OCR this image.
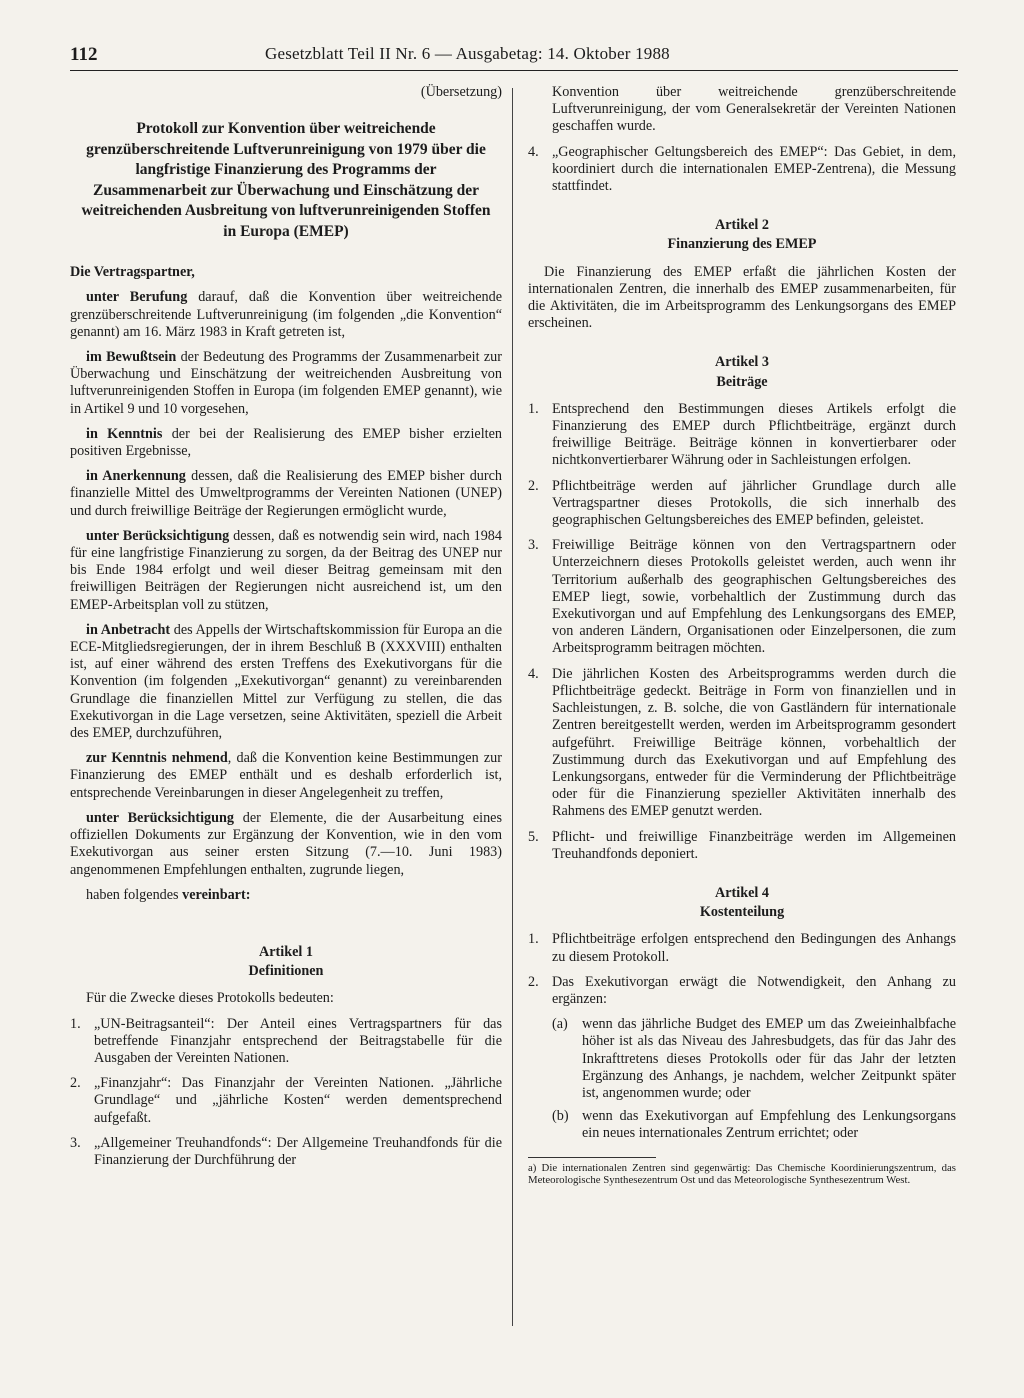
112	Gesetzblatt Teil II Nr. 6 — Ausgabetag: 14. Oktober 1988

(Übersetzung)

Protokoll zur Konvention über weitreichende grenzüberschreitende Luftverunreinigung von 1979 über die langfristige Finanzierung des Programms der Zusammenarbeit zur Überwachung und Einschätzung der weitreichenden Ausbreitung von luftverunreinigenden Stoffen in Europa (EMEP)

Die Vertragspartner,

unter Berufung darauf, daß die Konvention über weitreichende grenzüberschreitende Luftverunreinigung (im folgenden „die Konvention“ genannt) am 16. März 1983 in Kraft getreten ist,

im Bewußtsein der Bedeutung des Programms der Zusammenarbeit zur Überwachung und Einschätzung der weitreichenden Ausbreitung von luftverunreinigenden Stoffen in Europa (im folgenden EMEP genannt), wie in Artikel 9 und 10 vorgesehen,

in Kenntnis der bei der Realisierung des EMEP bisher erzielten positiven Ergebnisse,

in Anerkennung dessen, daß die Realisierung des EMEP bisher durch finanzielle Mittel des Umweltprogramms der Vereinten Nationen (UNEP) und durch freiwillige Beiträge der Regierungen ermöglicht wurde,

unter Berücksichtigung dessen, daß es notwendig sein wird, nach 1984 für eine langfristige Finanzierung zu sorgen, da der Beitrag des UNEP nur bis Ende 1984 erfolgt und weil dieser Beitrag gemeinsam mit den freiwilligen Beiträgen der Regierungen nicht ausreichend ist, um den EMEP-Arbeitsplan voll zu stützen,

in Anbetracht des Appells der Wirtschaftskommission für Europa an die ECE-Mitgliedsregierungen, der in ihrem Beschluß B (XXXVIII) enthalten ist, auf einer während des ersten Treffens des Exekutivorgans für die Konvention (im folgenden „Exekutivorgan“ genannt) zu vereinbarenden Grundlage die finanziellen Mittel zur Verfügung zu stellen, die das Exekutivorgan in die Lage versetzen, seine Aktivitäten, speziell die Arbeit des EMEP, durchzuführen,

zur Kenntnis nehmend, daß die Konvention keine Bestimmungen zur Finanzierung des EMEP enthält und es deshalb erforderlich ist, entsprechende Vereinbarungen in dieser Angelegenheit zu treffen,

unter Berücksichtigung der Elemente, die der Ausarbeitung eines offiziellen Dokuments zur Ergänzung der Konvention, wie in den vom Exekutivorgan aus seiner ersten Sitzung (7.—10. Juni 1983) angenommenen Empfehlungen enthalten, zugrunde liegen,

haben folgendes vereinbart:

Artikel 1

Definitionen

Für die Zwecke dieses Protokolls bedeuten:

1. „UN-Beitragsanteil“: Der Anteil eines Vertragspartners für das betreffende Finanzjahr entsprechend der Beitragstabelle für die Ausgaben der Vereinten Nationen.
2. „Finanzjahr“: Das Finanzjahr der Vereinten Nationen. „Jährliche Grundlage“ und „jährliche Kosten“ werden dementsprechend aufgefaßt.
3. „Allgemeiner Treuhandfonds“: Der Allgemeine Treuhandfonds für die Finanzierung der Durchführung der

Konvention über weitreichende grenzüberschreitende Luftverunreinigung, der vom Generalsekretär der Vereinten Nationen geschaffen wurde.

4. „Geographischer Geltungsbereich des EMEP“: Das Gebiet, in dem, koordiniert durch die internationalen EMEP-Zentrena), die Messung stattfindet.

Artikel 2

Finanzierung des EMEP

Die Finanzierung des EMEP erfaßt die jährlichen Kosten der internationalen Zentren, die innerhalb des EMEP zusammenarbeiten, für die Aktivitäten, die im Arbeitsprogramm des Lenkungsorgans des EMEP erscheinen.

Artikel 3

Beiträge

1. Entsprechend den Bestimmungen dieses Artikels erfolgt die Finanzierung des EMEP durch Pflichtbeiträge, ergänzt durch freiwillige Beiträge. Beiträge können in konvertierbarer oder nichtkonvertierbarer Währung oder in Sachleistungen erfolgen.
2. Pflichtbeiträge werden auf jährlicher Grundlage durch alle Vertragspartner dieses Protokolls, die sich innerhalb des geographischen Geltungsbereiches des EMEP befinden, geleistet.
3. Freiwillige Beiträge können von den Vertragspartnern oder Unterzeichnern dieses Protokolls geleistet werden, auch wenn ihr Territorium außerhalb des geographischen Geltungsbereiches des EMEP liegt, sowie, vorbehaltlich der Zustimmung durch das Exekutivorgan und auf Empfehlung des Lenkungsorgans des EMEP, von anderen Ländern, Organisationen oder Einzelpersonen, die zum Arbeitsprogramm beitragen möchten.
4. Die jährlichen Kosten des Arbeitsprogramms werden durch die Pflichtbeiträge gedeckt. Beiträge in Form von finanziellen und in Sachleistungen, z. B. solche, die von Gastländern für internationale Zentren bereitgestellt werden, werden im Arbeitsprogramm gesondert aufgeführt. Freiwillige Beiträge können, vorbehaltlich der Zustimmung durch das Exekutivorgan und auf Empfehlung des Lenkungsorgans, entweder für die Verminderung der Pflichtbeiträge oder für die Finanzierung spezieller Aktivitäten innerhalb des Rahmens des EMEP genutzt werden.
5. Pflicht- und freiwillige Finanzbeiträge werden im Allgemeinen Treuhandfonds deponiert.

Artikel 4

Kostenteilung

1. Pflichtbeiträge erfolgen entsprechend den Bedingungen des Anhangs zu diesem Protokoll.
2. Das Exekutivorgan erwägt die Notwendigkeit, den Anhang zu ergänzen:
(a)	wenn das jährliche Budget des EMEP um das Zweieinhalbfache höher ist als das Niveau des Jahresbudgets, das für das Jahr des Inkrafttretens dieses Protokolls oder für das Jahr der letzten Ergänzung des Anhangs, je nachdem, welcher Zeitpunkt später ist, angenommen wurde; oder
(b) wenn das Exekutivorgan auf Empfehlung des Lenkungsorgans ein neues internationales Zentrum errichtet; oder

a) Die internationalen Zentren sind gegenwärtig: Das Chemische Koordinierungszentrum, das Meteorologische Synthesezentrum Ost und das Meteorologische Synthesezentrum West.
